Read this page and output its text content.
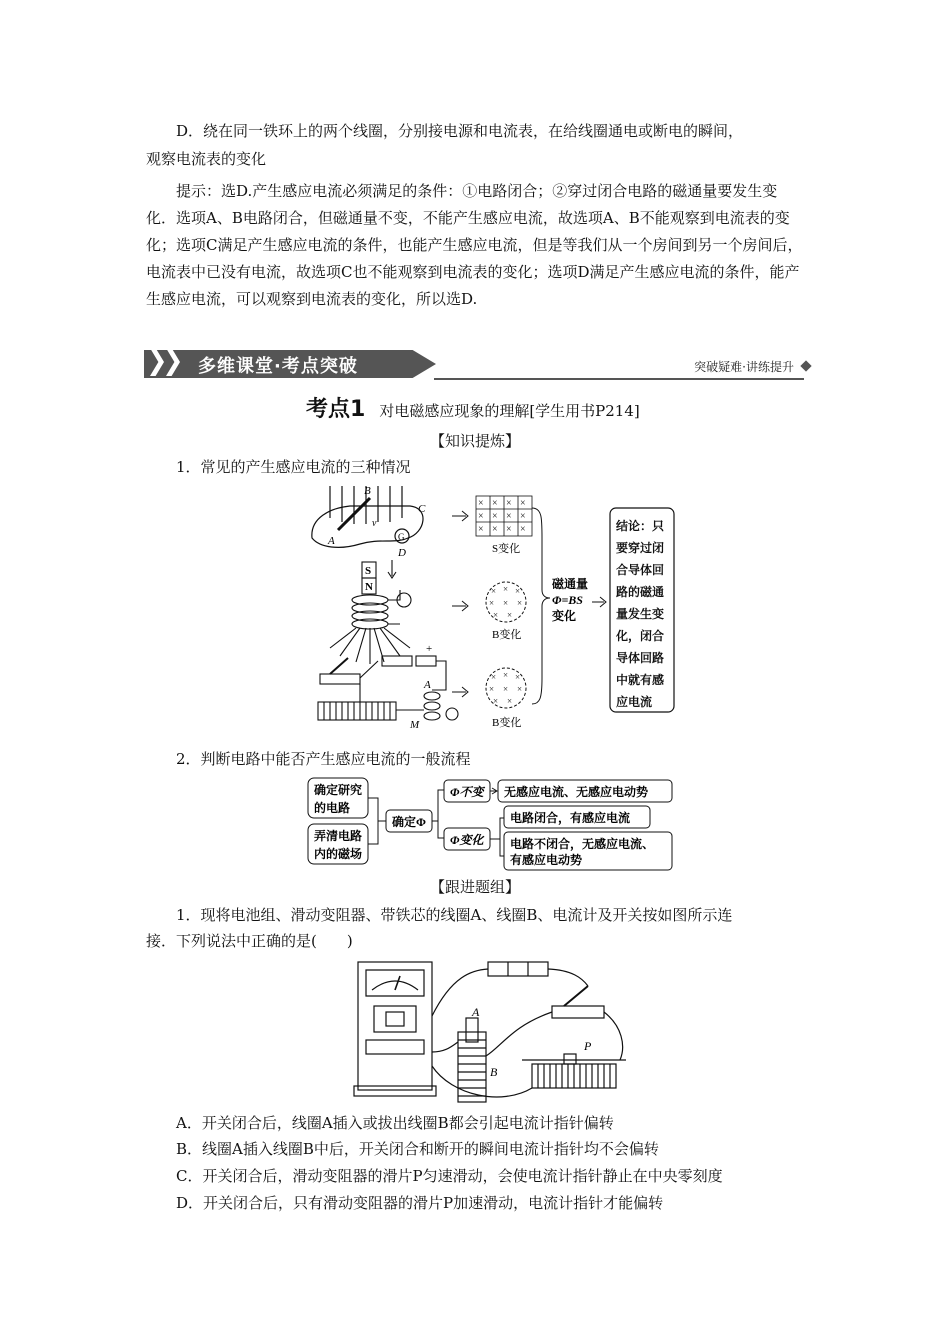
D．绕在同一铁环上的两个线圈，分别接电源和电流表，在给线圈通电或断电的瞬间，
观察电流表的变化

提示：选D.产生感应电流必须满足的条件：①电路闭合；②穿过闭合电路的磁通量要发生变化．选项A、B电路闭合，但磁通量不变，不能产生感应电流，故选项A、B不能观察到电流表的变化；选项C满足产生感应电流的条件，也能产生感应电流，但是等我们从一个房间到另一个房间后，电流表中已没有电流，故选项C也不能观察到电流表的变化；选项D满足产生感应电流的条件，能产生感应电流，可以观察到电流表的变化，所以选D.

多维课堂·考点突破	突破疑难·讲练提升
考点1 对电磁感应现象的理解[学生用书P214]
【知识提炼】
1．常见的产生感应电流的三种情况
A
B
C
D
v
G
× × × ×
× × × ×
× × × ×
S变化
S
N	× × ×
× × ×
× ×
B变化
+
A
M
× × ×
× × ×
× ×
B变化
磁通量
Φ=BS
变化
结论：只
要穿过闭
合导体回
路的磁通
量发生变
化，闭合
导体回路
中就有感
应电流
2．判断电路中能否产生感应电流的一般流程
确定研究
的电路
弄清电路
内的磁场
确定Φ
Φ不变 无感应电流、无感应电动势
Φ变化
电路闭合，有感应电流
电路不闭合，无感应电流、
有感应电动势
【跟进题组】
1．现将电池组、滑动变阻器、带铁芯的线圈A、线圈B、电流计及开关按如图所示连
接．下列说法中正确的是(　　)
A
B
P
A．开关闭合后，线圈A插入或拔出线圈B都会引起电流计指针偏转
B．线圈A插入线圈B中后，开关闭合和断开的瞬间电流计指针均不会偏转
C．开关闭合后，滑动变阻器的滑片P匀速滑动，会使电流计指针静止在中央零刻度
D．开关闭合后，只有滑动变阻器的滑片P加速滑动，电流计指针才能偏转
